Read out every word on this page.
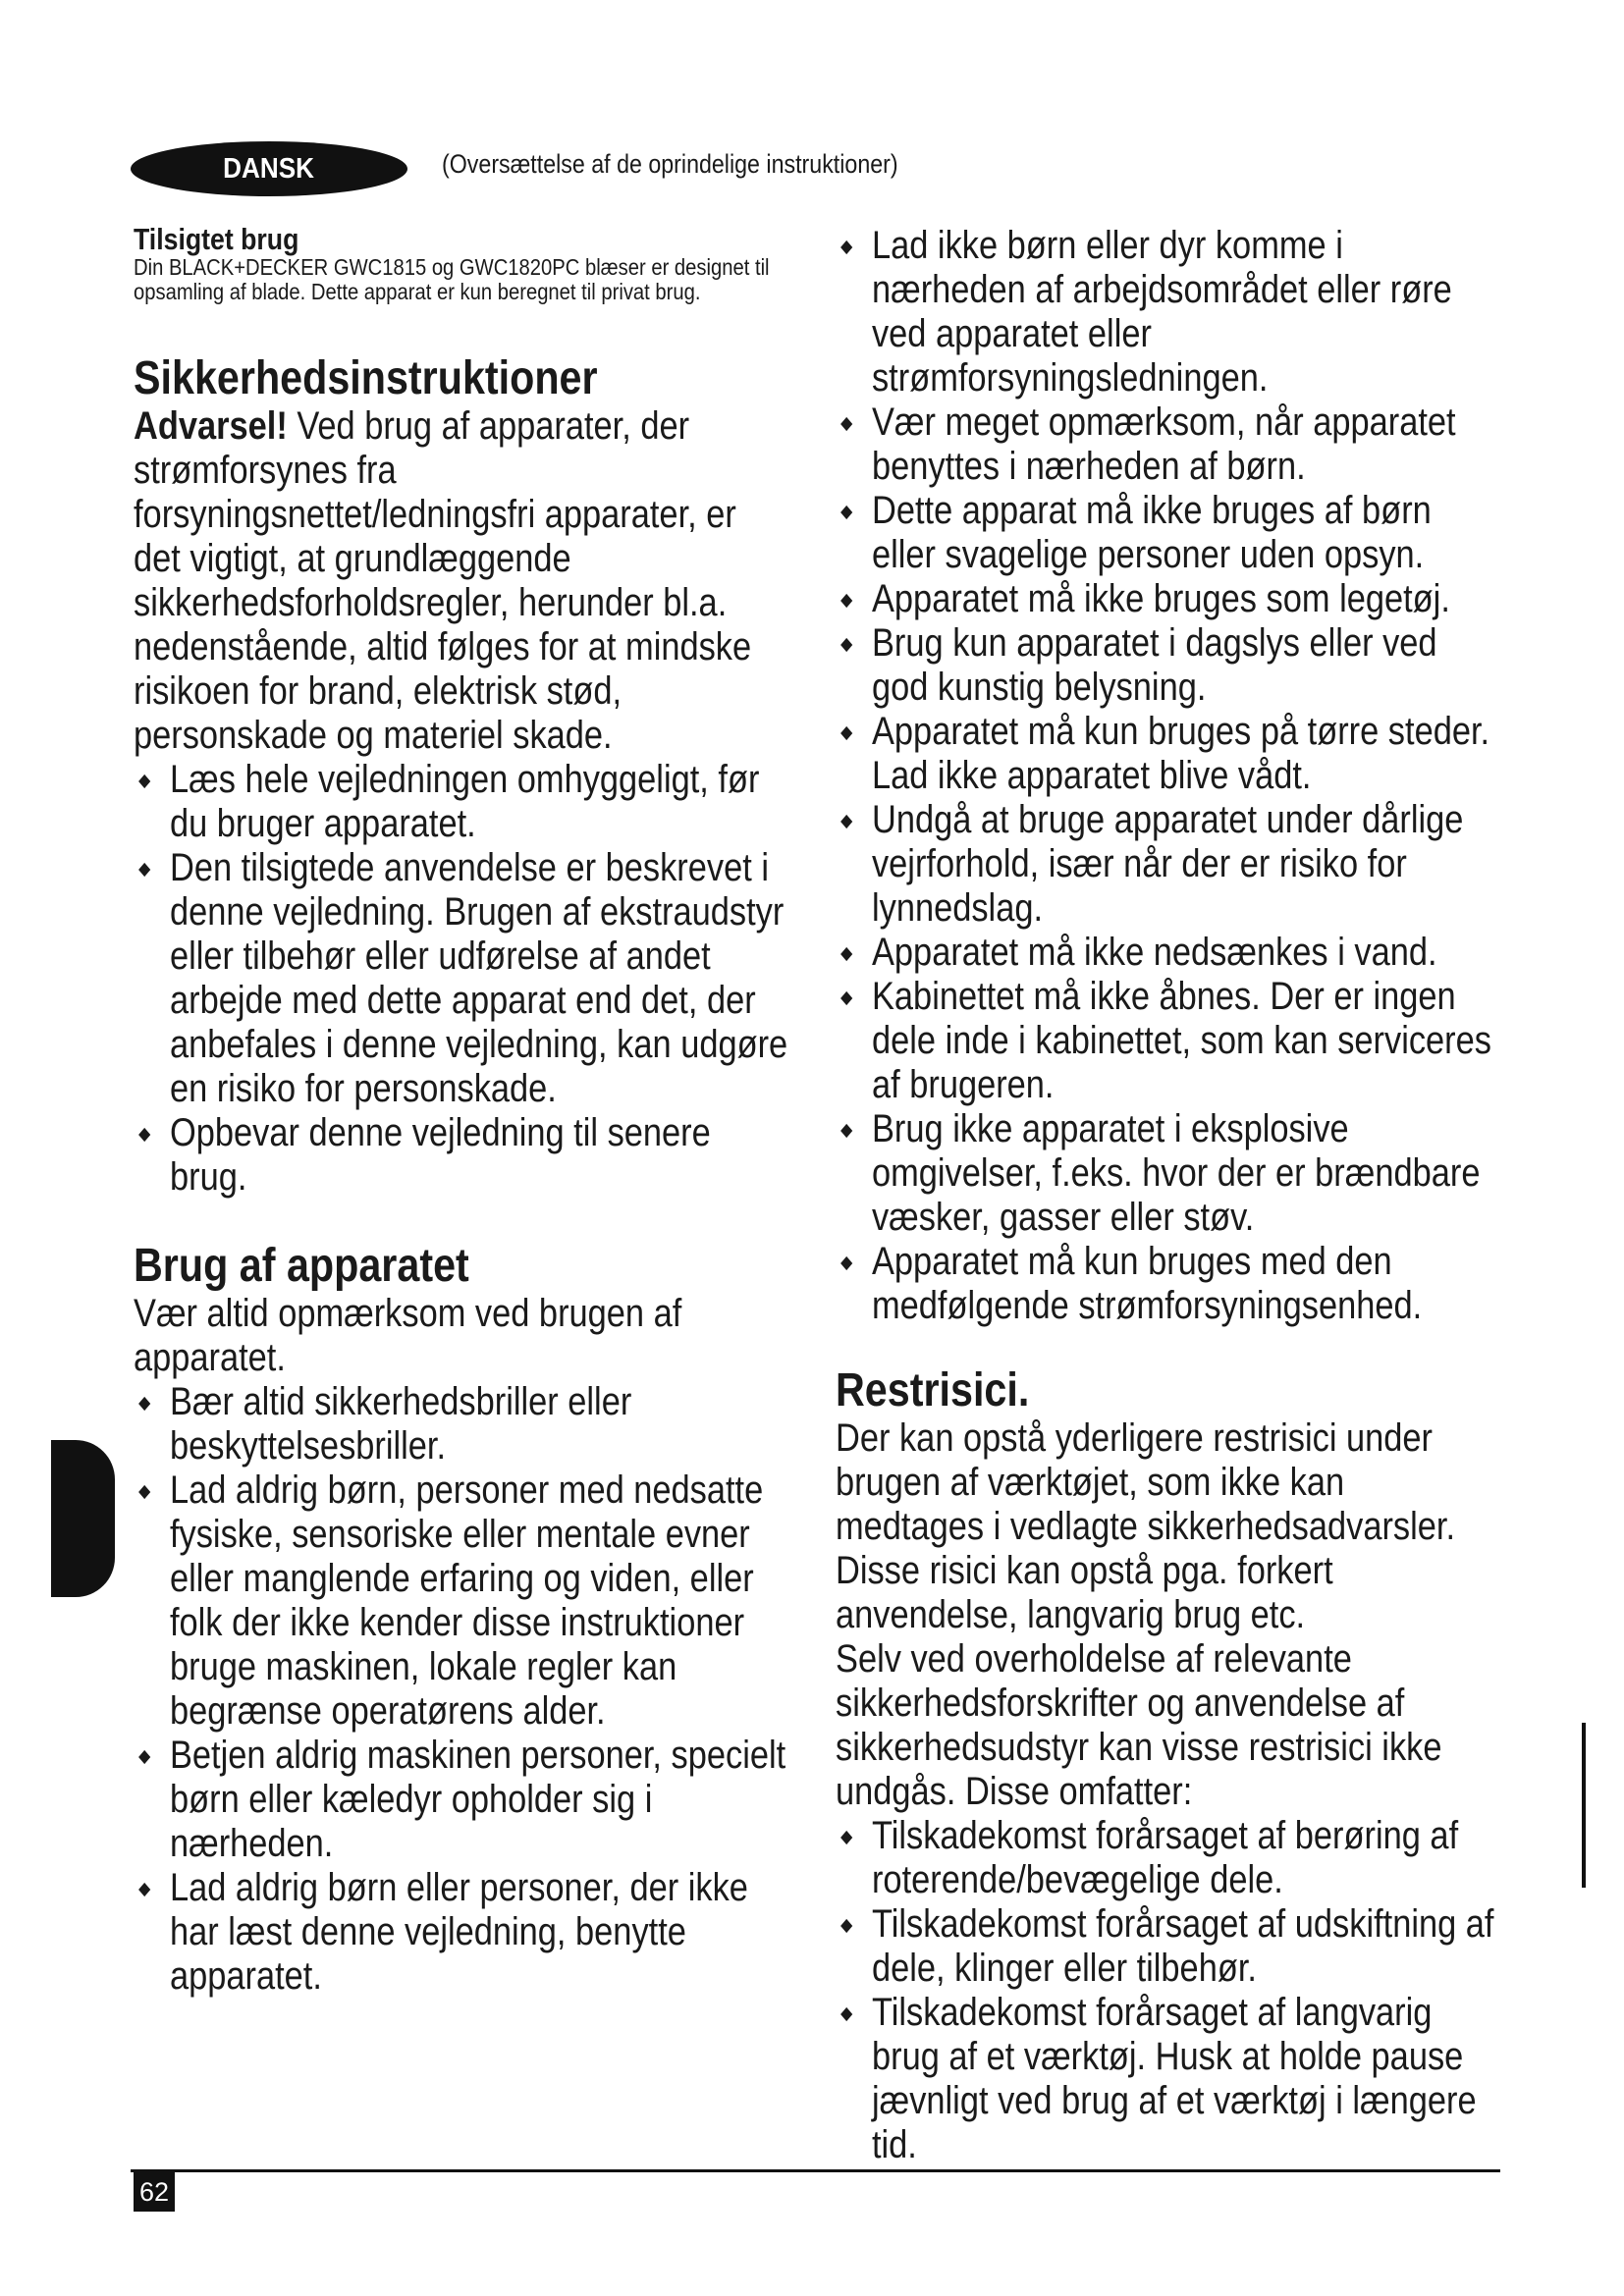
DANSK	(Oversættelse af de oprindelige instruktioner)
Tilsigtet brug
Din BLACK+DECKER GWC1815 og GWC1820PC blæser er designet til opsamling af blade. Dette apparat er kun beregnet til privat brug.
Sikkerhedsinstruktioner
Advarsel! Ved brug af apparater, der strømforsynes fra forsyningsnettet/ledningsfri apparater, er det vigtigt, at grundlæggende sikkerhedsforholdsregler, herunder bl.a. nedenstående, altid følges for at mindske risikoen for brand, elektrisk stød, personskade og materiel skade.
Læs hele vejledningen omhyggeligt, før du bruger apparatet.
Den tilsigtede anvendelse er beskrevet i denne vejledning. Brugen af ekstraudstyr eller tilbehør eller udførelse af andet arbejde med dette apparat end det, der anbefales i denne vejledning, kan udgøre en risiko for personskade.
Opbevar denne vejledning til senere brug.
Brug af apparatet
Vær altid opmærksom ved brugen af apparatet.
Bær altid sikkerhedsbriller eller beskyttelsesbriller.
Lad aldrig børn, personer med nedsatte fysiske, sensoriske eller mentale evner eller manglende erfaring og viden, eller folk der ikke kender disse instruktioner bruge maskinen, lokale regler kan begrænse operatørens alder.
Betjen aldrig maskinen personer, specielt børn eller kæledyr opholder sig i nærheden.
Lad aldrig børn eller personer, der ikke har læst denne vejledning, benytte apparatet.
Lad ikke børn eller dyr komme i nærheden af arbejdsområdet eller røre ved apparatet eller strømforsyningsledningen.
Vær meget opmærksom, når apparatet benyttes i nærheden af børn.
Dette apparat må ikke bruges af børn eller svagelige personer uden opsyn.
Apparatet må ikke bruges som legetøj.
Brug kun apparatet i dagslys eller ved god kunstig belysning.
Apparatet må kun bruges på tørre steder. Lad ikke apparatet blive vådt.
Undgå at bruge apparatet under dårlige vejrforhold, især når der er risiko for lynnedslag.
Apparatet må ikke nedsænkes i vand.
Kabinettet må ikke åbnes. Der er ingen dele inde i kabinettet, som kan serviceres af brugeren.
Brug ikke apparatet i eksplosive omgivelser, f.eks. hvor der er brændbare væsker, gasser eller støv.
Apparatet må kun bruges med den medfølgende strømforsyningsenhed.
Restrisici.
Der kan opstå yderligere restrisici under brugen af værktøjet, som ikke kan medtages i vedlagte sikkerhedsadvarsler. Disse risici kan opstå pga. forkert anvendelse, langvarig brug etc.
Selv ved overholdelse af relevante sikkerhedsforskrifter og anvendelse af sikkerhedsudstyr kan visse restrisici ikke undgås. Disse omfatter:
Tilskadekomst forårsaget af berøring af roterende/bevægelige dele.
Tilskadekomst forårsaget af udskiftning af dele, klinger eller tilbehør.
Tilskadekomst forårsaget af langvarig brug af et værktøj. Husk at holde pause jævnligt ved brug af et værktøj i længere tid.
62
